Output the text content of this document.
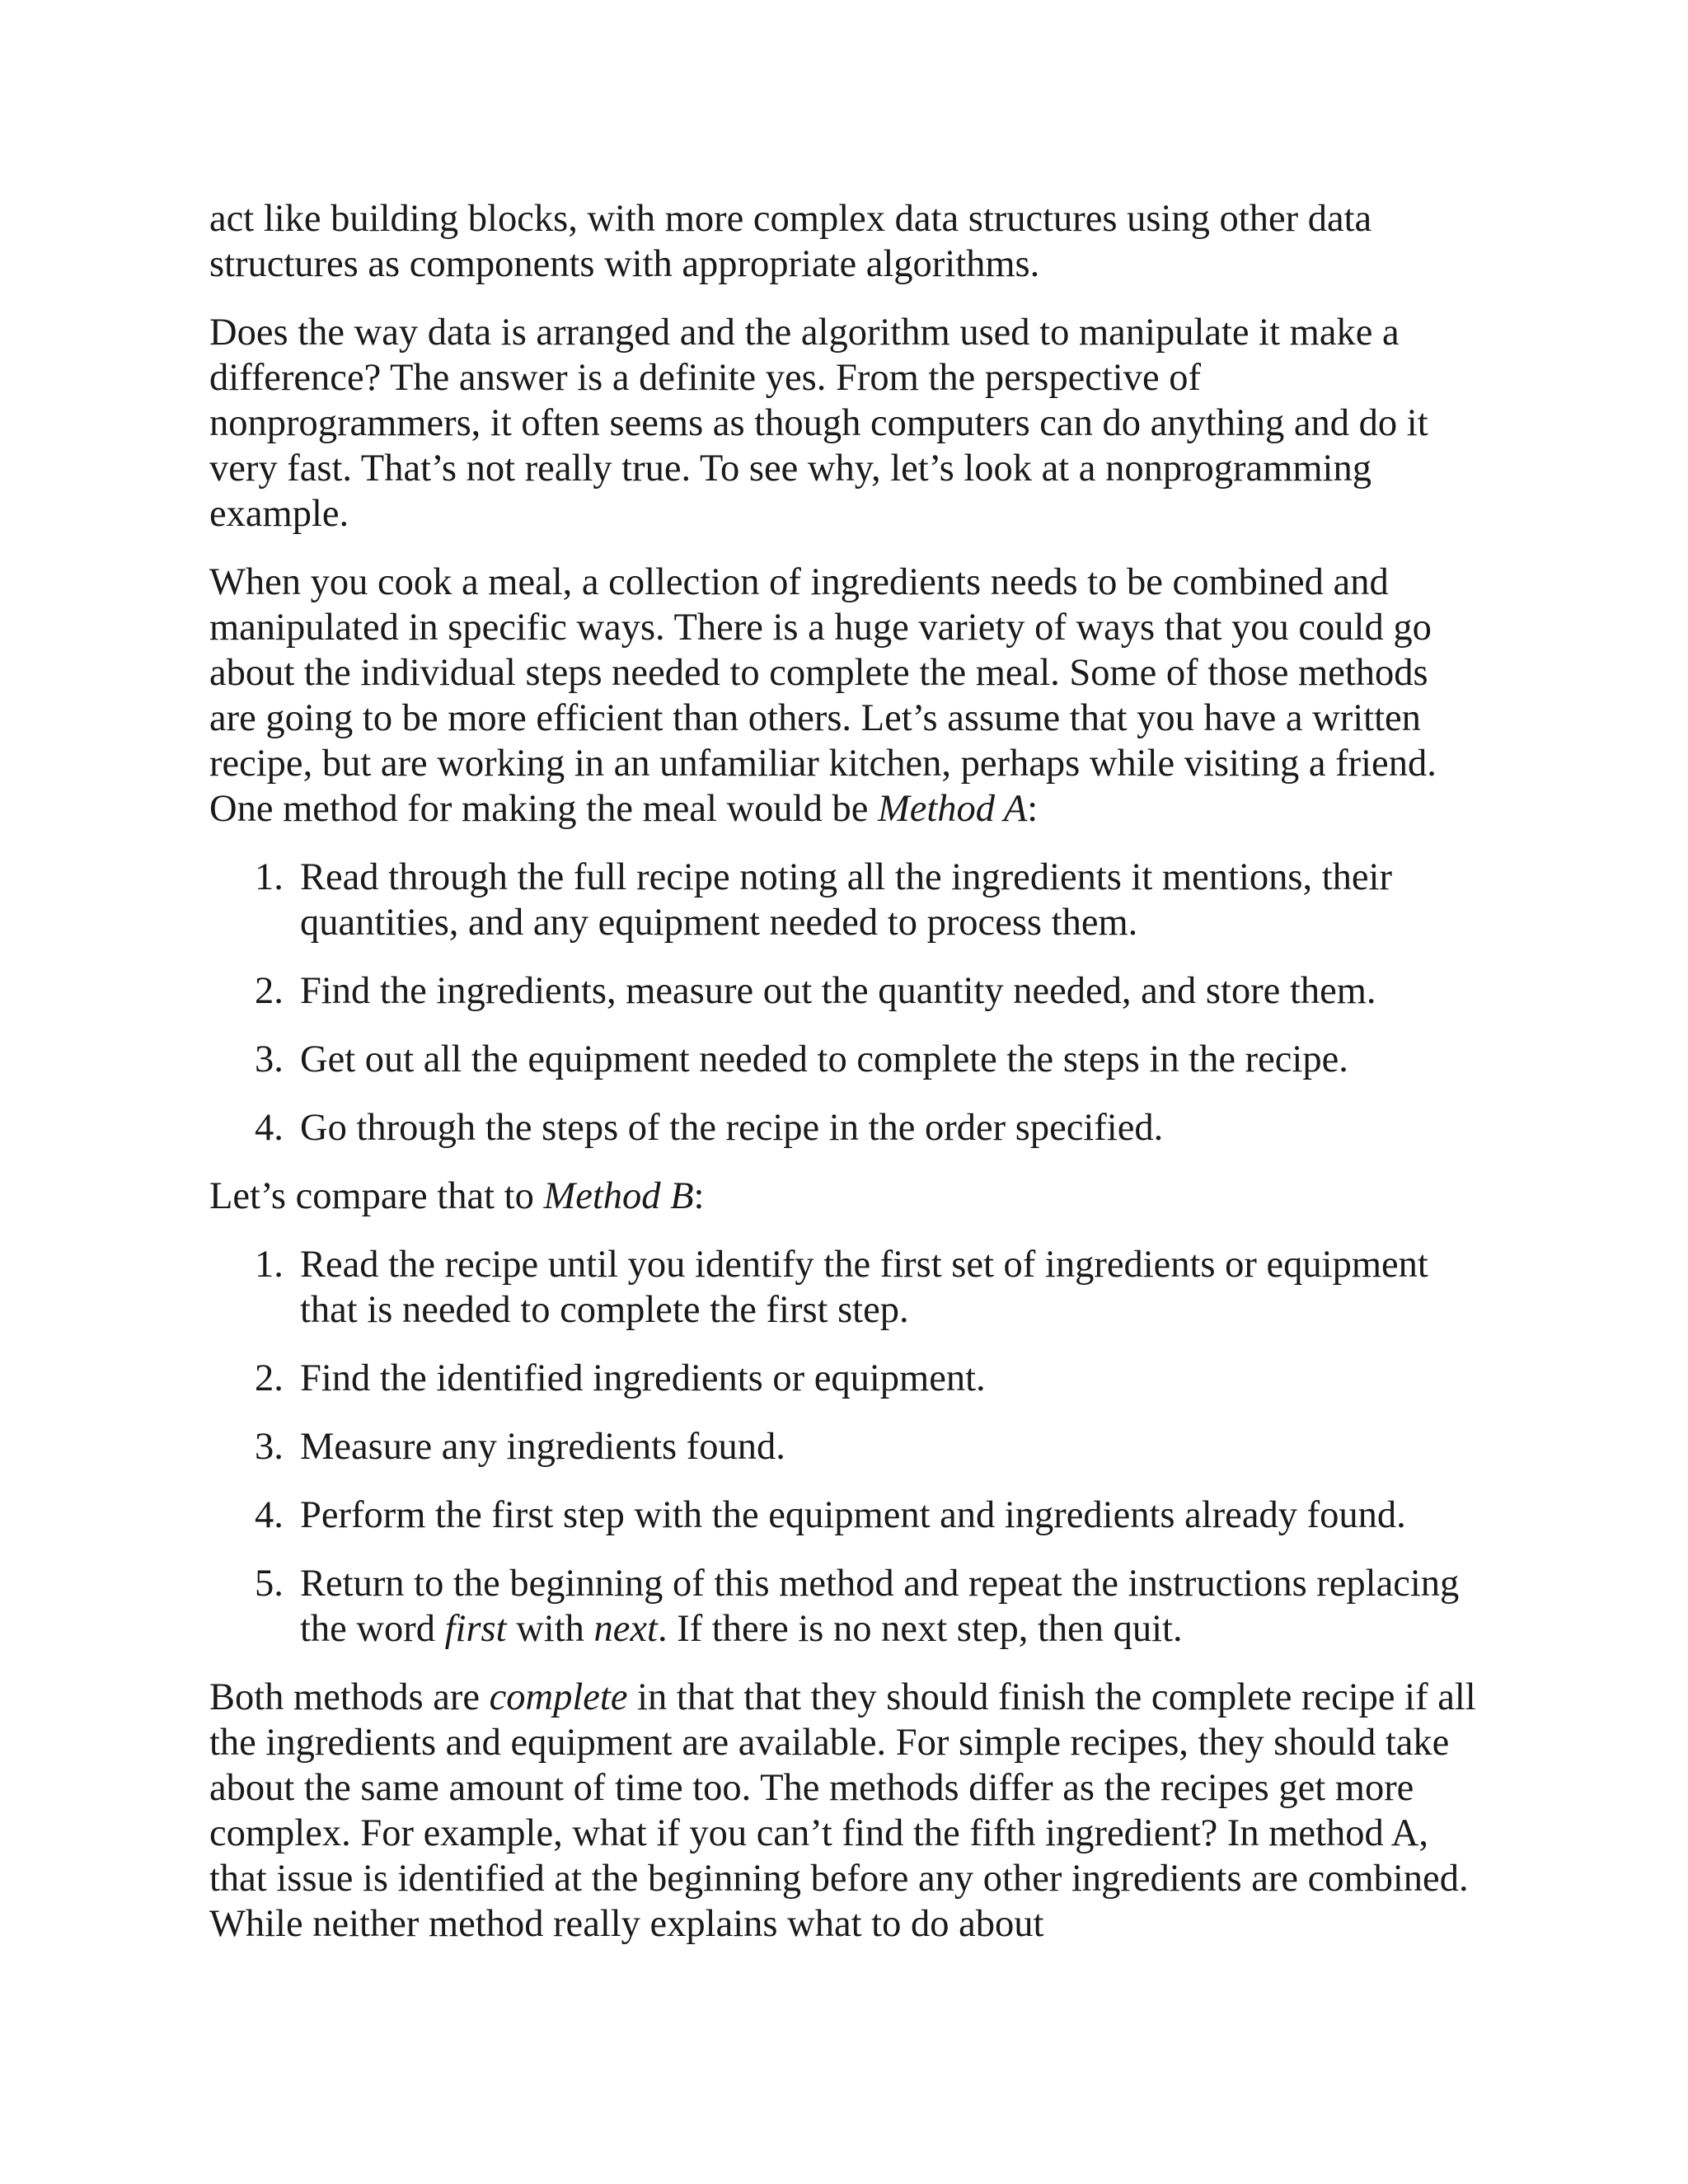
act like building blocks, with more complex data structures using other data structures as components with appropriate algorithms.

Does the way data is arranged and the algorithm used to manipulate it make a difference? The answer is a definite yes. From the perspective of nonprogrammers, it often seems as though computers can do anything and do it very fast. That’s not really true. To see why, let’s look at a nonprogramming example.

When you cook a meal, a collection of ingredients needs to be combined and manipulated in specific ways. There is a huge variety of ways that you could go about the individual steps needed to complete the meal. Some of those methods are going to be more efficient than others. Let’s assume that you have a written recipe, but are working in an unfamiliar kitchen, perhaps while visiting a friend. One method for making the meal would be Method A:

1. Read through the full recipe noting all the ingredients it mentions, their quantities, and any equipment needed to process them.
2. Find the ingredients, measure out the quantity needed, and store them.
3. Get out all the equipment needed to complete the steps in the recipe.
4. Go through the steps of the recipe in the order specified.

Let’s compare that to Method B:

1. Read the recipe until you identify the first set of ingredients or equipment that is needed to complete the first step.
2. Find the identified ingredients or equipment.
3. Measure any ingredients found.
4. Perform the first step with the equipment and ingredients already found.
5. Return to the beginning of this method and repeat the instructions replacing the word first with next. If there is no next step, then quit.

Both methods are complete in that that they should finish the complete recipe if all the ingredients and equipment are available. For simple recipes, they should take about the same amount of time too. The methods differ as the recipes get more complex. For example, what if you can’t find the fifth ingredient? In method A, that issue is identified at the beginning before any other ingredients are combined. While neither method really explains what to do about
